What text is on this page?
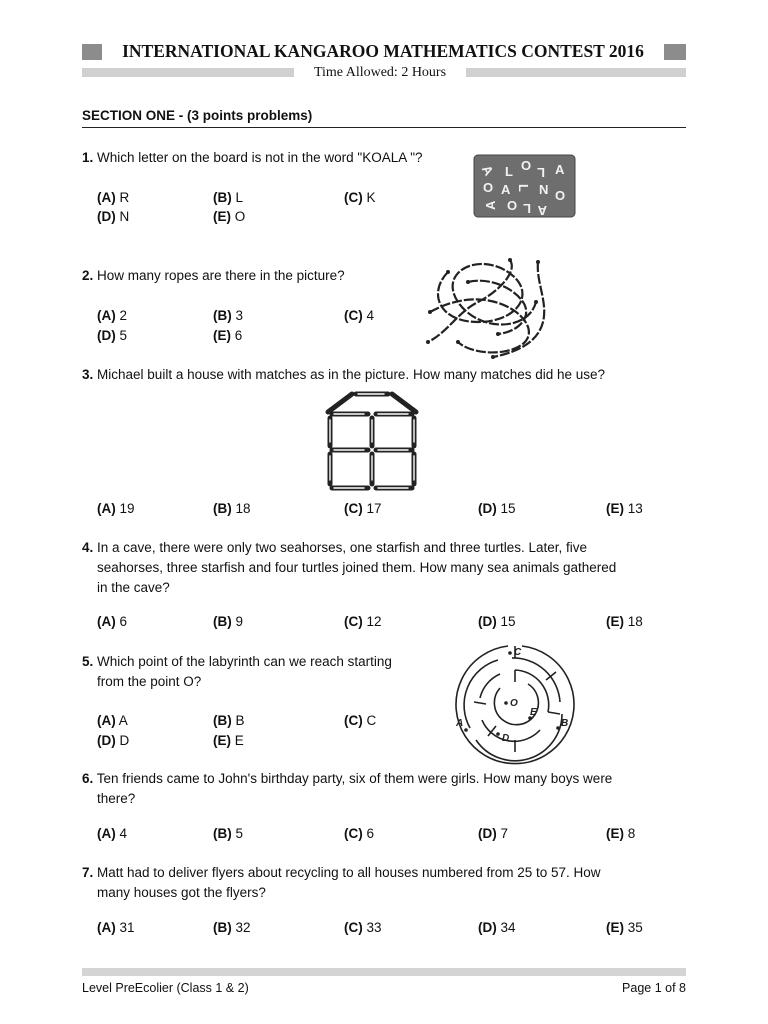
INTERNATIONAL KANGAROO MATHEMATICS CONTEST 2016
Time Allowed: 2 Hours
SECTION ONE - (3 points problems)
1. Which letter on the board is not in the word "KOALA "?
(A) R	(B) L	(C) K
(D) N	(E) O
A L O L A
O A L N
A O L
O
A
2. How many ropes are there in the picture?
(A) 2	(B) 3	(C) 4
(D) 5	(E) 6
3. Michael built a house with matches as in the picture. How many matches did he use?
(A) 19	(B) 18	(C) 17	(D) 15	(E) 13
4. In a cave, there were only two seahorses, one starfish and three turtles. Later, five
seahorses, three starfish and four turtles joined them. How many sea animals gathered
in the cave?
(A) 6	(B) 9	(C) 12	(D) 15	(E) 18
5. Which point of the labyrinth can we reach starting
from the point O?
(A) A	(B) B	(C) C
(D) D	(E) E
C
O
E
A	B
D
6. Ten friends came to John's birthday party, six of them were girls. How many boys were
there?
(A) 4	(B) 5	(C) 6	(D) 7	(E) 8
7. Matt had to deliver flyers about recycling to all houses numbered from 25 to 57. How
many houses got the flyers?
(A) 31	(B) 32	(C) 33	(D) 34	(E) 35
Level PreEcolier (Class 1 & 2)	Page 1 of 8
